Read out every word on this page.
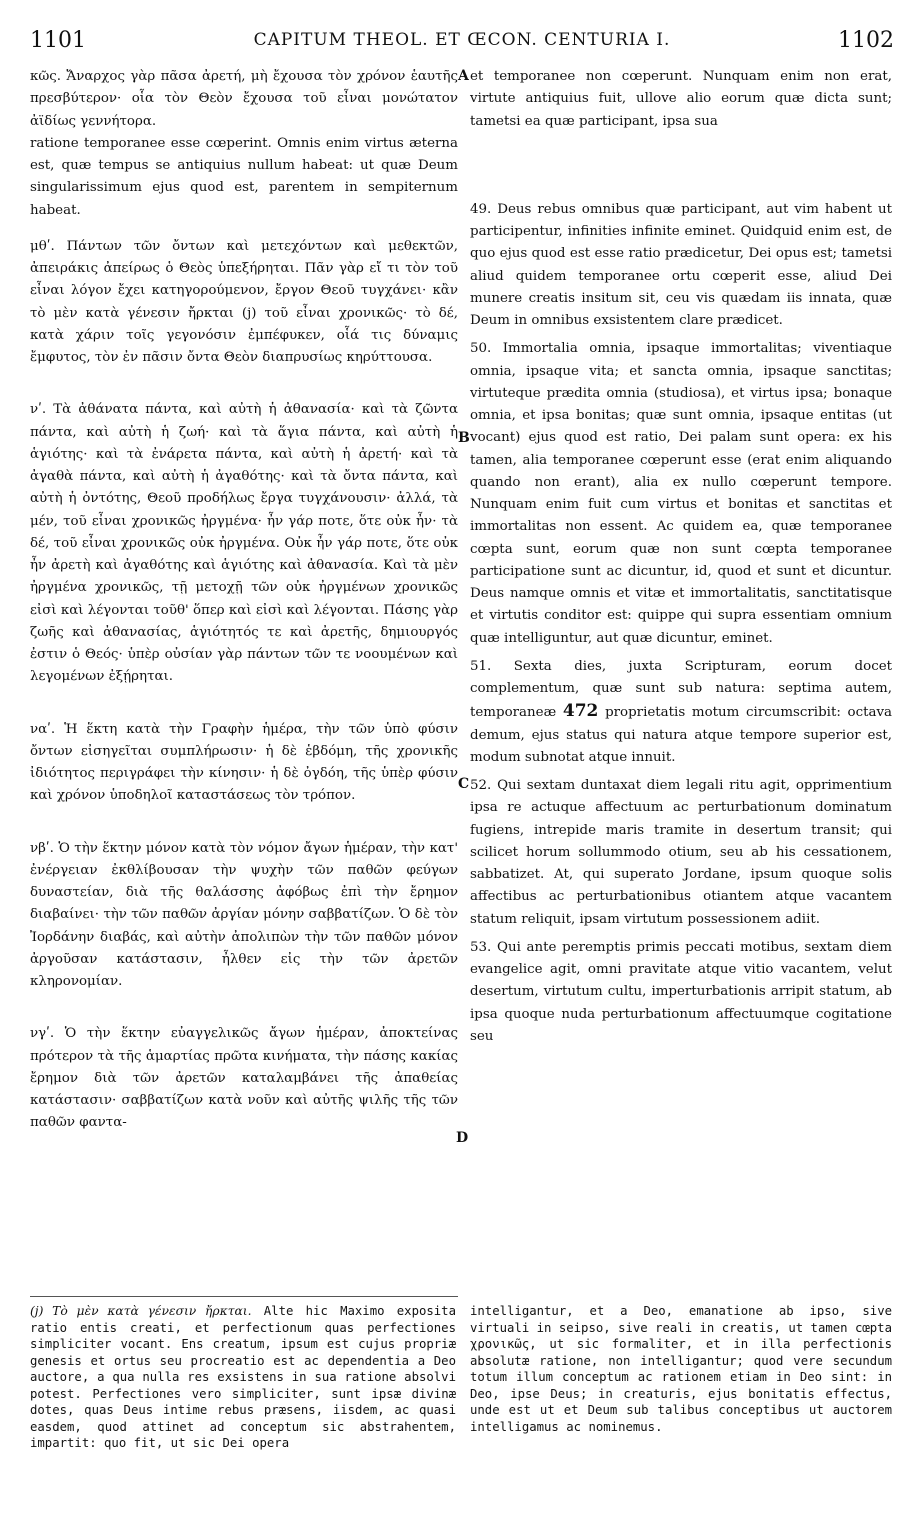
1101	CAPITUM THEOL. ET ŒCON. CENTURIA I.	1102
A
B
C
D

κῶς. Ἄναρχος γὰρ πᾶσα ἀρετή, μὴ ἔχουσα τὸν χρόνον ἑαυτῆς πρεσβύτερον· οἷα τὸν Θεὸν ἔχουσα τοῦ εἶναι μονώτατον ἀϊδίως γεννήτορα.

ratione temporanee esse cœperint. Omnis enim virtus æterna est, quæ tempus se antiquius nullum habeat: ut quæ Deum singularissimum ejus quod est, parentem in sempiternum habeat.

μθʹ. Πάντων τῶν ὄντων καὶ μετεχόντων καὶ μεθεκτῶν, ἀπειράκις ἀπείρως ὁ Θεὸς ὑπεξήρηται. Πᾶν γὰρ εἴ τι τὸν τοῦ εἶναι λόγον ἔχει κατηγορούμενον, ἔργον Θεοῦ τυγχάνει· κἂν τὸ μὲν κατὰ γένεσιν ἤρκται (j) τοῦ εἶναι χρονικῶς· τὸ δέ, κατὰ χάριν τοῖς γεγονόσιν ἐμπέφυκεν, οἷά τις δύναμις ἔμφυτος, τὸν ἐν πᾶσιν ὄντα Θεὸν διαπρυσίως κηρύττουσα.

νʹ. Τὰ ἀθάνατα πάντα, καὶ αὐτὴ ἡ ἀθανασία· καὶ τὰ ζῶντα πάντα, καὶ αὐτὴ ἡ ζωή· καὶ τὰ ἅγια πάντα, καὶ αὐτὴ ἡ ἁγιότης· καὶ τὰ ἐνάρετα πάντα, καὶ αὐτὴ ἡ ἀρετή· καὶ τὰ ἀγαθὰ πάντα, καὶ αὐτὴ ἡ ἀγαθότης· καὶ τὰ ὄντα πάντα, καὶ αὐτὴ ἡ ὀντότης, Θεοῦ προδήλως ἔργα τυγχάνουσιν· ἀλλά, τὰ μέν, τοῦ εἶναι χρονικῶς ἠργμένα· ἦν γάρ ποτε, ὅτε οὐκ ἦν· τὰ δέ, τοῦ εἶναι χρονικῶς οὐκ ἠργμένα. Οὐκ ἦν γάρ ποτε, ὅτε οὐκ ἦν ἀρετὴ καὶ ἀγαθότης καὶ ἁγιότης καὶ ἀθανασία. Καὶ τὰ μὲν ἠργμένα χρονικῶς, τῇ μετοχῇ τῶν οὐκ ἠργμένων χρονικῶς εἰσὶ καὶ λέγονται τοῦθ' ὅπερ καὶ εἰσὶ καὶ λέγονται. Πάσης γὰρ ζωῆς καὶ ἀθανασίας, ἁγιότητός τε καὶ ἀρετῆς, δημιουργός ἐστιν ὁ Θεός· ὑπὲρ οὐσίαν γὰρ πάντων τῶν τε νοουμένων καὶ λεγομένων ἐξῄρηται.

ναʹ. Ἡ ἕκτη κατὰ τὴν Γραφὴν ἡμέρα, τὴν τῶν ὑπὸ φύσιν ὄντων εἰσηγεῖται συμπλήρωσιν· ἡ δὲ ἑβδόμη, τῆς χρονικῆς ἰδιότητος περιγράφει τὴν κίνησιν· ἡ δὲ ὀγδόη, τῆς ὑπὲρ φύσιν καὶ χρόνον ὑποδηλοῖ καταστάσεως τὸν τρόπον.

νβʹ. Ὁ τὴν ἕκτην μόνον κατὰ τὸν νόμον ἄγων ἡμέραν, τὴν κατ' ἐνέργειαν ἐκθλίβουσαν τὴν ψυχὴν τῶν παθῶν φεύγων δυναστείαν, διὰ τῆς θαλάσσης ἀφόβως ἐπὶ τὴν ἔρημον διαβαίνει· τὴν τῶν παθῶν ἀργίαν μόνην σαββατίζων. Ὁ δὲ τὸν Ἰορδάνην διαβάς, καὶ αὐτὴν ἀπολιπὼν τὴν τῶν παθῶν μόνον ἀργοῦσαν κατάστασιν, ἦλθεν εἰς τὴν τῶν ἀρετῶν κληρονομίαν.

νγʹ. Ὁ τὴν ἕκτην εὐαγγελικῶς ἄγων ἡμέραν, ἀποκτείνας πρότερον τὰ τῆς ἁμαρτίας πρῶτα κινήματα, τὴν πάσης κακίας ἔρημον διὰ τῶν ἀρετῶν καταλαμβάνει τῆς ἀπαθείας κατάστασιν· σαββατίζων κατὰ νοῦν καὶ αὐτῆς ψιλῆς τῆς τῶν παθῶν φαντα-

et temporanee non cœperunt. Nunquam enim non erat, virtute antiquius fuit, ullove alio eorum quæ dicta sunt; tametsi ea quæ participant, ipsa sua

49. Deus rebus omnibus quæ participant, aut vim habent ut participentur, infinities infinite eminet. Quidquid enim est, de quo ejus quod est esse ratio prædicetur, Dei opus est; tametsi aliud quidem temporanee ortu cœperit esse, aliud Dei munere creatis insitum sit, ceu vis quædam iis innata, quæ Deum in omnibus exsistentem clare prædicet.

50. Immortalia omnia, ipsaque immortalitas; viventiaque omnia, ipsaque vita; et sancta omnia, ipsaque sanctitas; virtuteque prædita omnia (studiosa), et virtus ipsa; bonaque omnia, et ipsa bonitas; quæ sunt omnia, ipsaque entitas (ut vocant) ejus quod est ratio, Dei palam sunt opera: ex his tamen, alia temporanee cœperunt esse (erat enim aliquando quando non erant), alia ex nullo cœperunt tempore. Nunquam enim fuit cum virtus et bonitas et sanctitas et immortalitas non essent. Ac quidem ea, quæ temporanee cœpta sunt, eorum quæ non sunt cœpta temporanee participatione sunt ac dicuntur, id, quod et sunt et dicuntur. Deus namque omnis et vitæ et immortalitatis, sanctitatisque et virtutis conditor est: quippe qui supra essentiam omnium quæ intelliguntur, aut quæ dicuntur, eminet.

51. Sexta dies, juxta Scripturam, eorum docet complementum, quæ sunt sub natura: septima autem, temporaneæ 472 proprietatis motum circumscribit: octava demum, ejus status qui natura atque tempore superior est, modum subnotat atque innuit.

52. Qui sextam duntaxat diem legali ritu agit, opprimentium ipsa re actuque affectuum ac perturbationum dominatum fugiens, intrepide maris tramite in desertum transit; qui scilicet horum sollummodo otium, seu ab his cessationem, sabbatizet. At, qui superato Jordane, ipsum quoque solis affectibus ac perturbationibus otiantem atque vacantem statum reliquit, ipsam virtutum possessionem adiit.

53. Qui ante peremptis primis peccati motibus, sextam diem evangelice agit, omni pravitate atque vitio vacantem, velut desertum, virtutum cultu, imperturbationis arripit statum, ab ipsa quoque nuda perturbationum affectuumque cogitatione seu

(j) Τὸ μὲν κατὰ γένεσιν ἤρκται. Alte hic Maximo exposita ratio entis creati, et perfectionum quas perfectiones simpliciter vocant. Ens creatum, ipsum est cujus propriæ genesis et ortus seu procreatio est ac dependentia a Deo auctore, a qua nulla res exsistens in sua ratione absolvi potest. Perfectiones vero simpliciter, sunt ipsæ divinæ dotes, quas Deus intime rebus præsens, iisdem, ac quasi easdem, quod attinet ad conceptum sic abstrahentem, impartit: quo fit, ut sic Dei opera
intelligantur, et a Deo, emanatione ab ipso, sive virtuali in seipso, sive reali in creatis, ut tamen cœpta χρονικῶς, ut sic formaliter, et in illa perfectionis absolutæ ratione, non intelligantur; quod vere secundum totum illum conceptum ac rationem etiam in Deo sint: in Deo, ipse Deus; in creaturis, ejus bonitatis effectus, unde est ut et Deum sub talibus conceptibus ut auctorem intelligamus ac nominemus.
